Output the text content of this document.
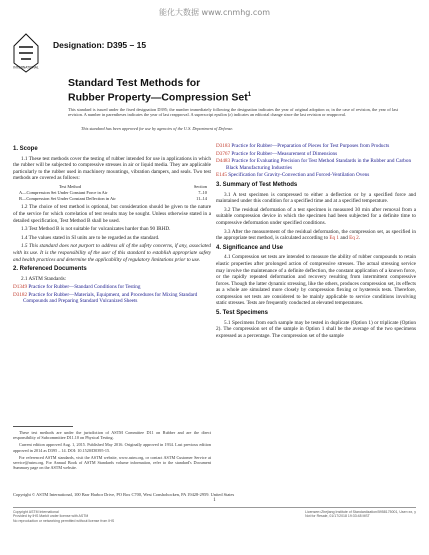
能化大数据 www.cnmhg.com
INTERNATIONAL
Designation: D395 – 15
Standard Test Methods for
Rubber Property—Compression Set$^1$
This standard is issued under the fixed designation D395; the number immediately following the designation indicates the year of original adoption or, in the case of revision, the year of last revision. A number in parentheses indicates the year of last reapproval. A superscript epsilon (ε) indicates an editorial change since the last revision or reapproval.
This standard has been approved for use by agencies of the U.S. Department of Defense.
1. Scope
1.1 These test methods cover the testing of rubber intended for use in applications in which the rubber will be subjected to compressive stresses in air or liquid media. They are applicable particularly to the rubber used in machinery mountings, vibration dampers, and seals. Two test methods are covered as follows:
Test Method	Section
A—Compression Set Under Constant Force in Air	7–10
B—Compression Set Under Constant Deflection in Air	11–14
1.2 The choice of test method is optional, but consideration should be given to the nature of the service for which correlation of test results may be sought. Unless otherwise stated in a detailed specification, Test Method B shall be used.
1.3 Test Method B is not suitable for vulcanizates harder than 90 IRHD.
1.4 The values stated in SI units are to be regarded as the standard.
1.5 This standard does not purport to address all of the safety concerns, if any, associated with its use. It is the responsibility of the user of this standard to establish appropriate safety and health practices and determine the applicability of regulatory limitations prior to use.
2. Referenced Documents
2.1 ASTM Standards:
D1349 Practice for Rubber—Standard Conditions for Testing
D3182 Practice for Rubber—Materials, Equipment, and Procedures for Mixing Standard Compounds and Preparing Standard Vulcanized Sheets
D3183 Practice for Rubber—Preparation of Pieces for Test Purposes from Products
D3767 Practice for Rubber—Measurement of Dimensions
D4483 Practice for Evaluating Precision for Test Method Standards in the Rubber and Carbon Black Manufacturing Industries
E145 Specification for Gravity-Convection and Forced-Ventilation Ovens
3. Summary of Test Methods
3.1 A test specimen is compressed to either a deflection or by a specified force and maintained under this condition for a specified time and at a specified temperature.
3.2 The residual deformation of a test specimen is measured 30 min after removal from a suitable compression device in which the specimen had been subjected for a definite time to compressive deformation under specified conditions.
3.3 After the measurement of the residual deformation, the compression set, as specified in the appropriate test method, is calculated according to Eq 1 and Eq 2.
4. Significance and Use
4.1 Compression set tests are intended to measure the ability of rubber compounds to retain elastic properties after prolonged action of compressive stresses. The actual stressing service may involve the maintenance of a definite deflection, the constant application of a known force, or the rapidly repeated deformation and recovery resulting from intermittent compressive forces. Though the latter dynamic stressing, like the others, produces compression set, its effects as a whole are simulated more closely by compression flexing or hysteresis tests. Therefore, compression set tests are considered to be mainly applicable to service conditions involving static stresses. Tests are frequently conducted at elevated temperatures.
5. Test Specimens
5.1 Specimens from each sample may be tested in duplicate (Option 1) or triplicate (Option 2). The compression set of the sample in Option 1 shall be the average of the two specimens expressed as a percentage. The compression set of the sample
These test methods are under the jurisdiction of ASTM Committee D11 on Rubber and are the direct responsibility of Subcommittee D11.10 on Physical Testing.
Current edition approved Aug. 1, 2015. Published May 2016. Originally approved in 1934. Last previous edition approved in 2014 as D395 – 14. DOI: 10.1520/D0395-15.
For referenced ASTM standards, visit the ASTM website, www.astm.org, or contact ASTM Customer Service at service@astm.org. For Annual Book of ASTM Standards volume information, refer to the standard's Document Summary page on the ASTM website.
Copyright © ASTM International, 100 Barr Harbor Drive, PO Box C700, West Conshohocken, PA 19428-2959. United States
1
Copyright ASTM International
Provided by IHS Markit under license with ASTM
No reproduction or networking permitted without license from IHS
Licensee=Zhejiang Institute of Standardization/5958175001, User=xx, y
Not for Resale, 01/17/2018 19:33:48 MST
